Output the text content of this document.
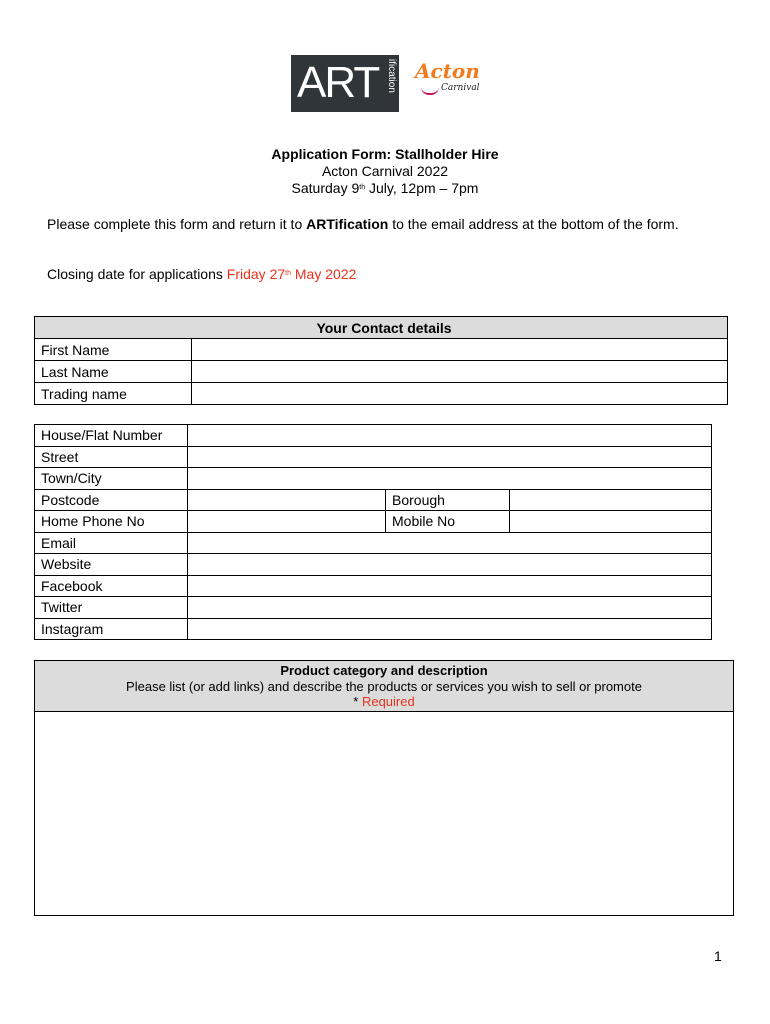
ART ification Acton
Carnival
Application Form: Stallholder Hire
Acton Carnival 2022
Saturday 9th July, 12pm – 7pm
Please complete this form and return it to ARTification to the email address at the bottom of the form.
Closing date for applications Friday 27th May 2022
Your Contact details	
First Name	
Last Name	
Trading name	
House/Flat Number			
Street			
Town/City			
Postcode		Borough	
Home Phone No		Mobile No	
Email			
Website			
Facebook			
Twitter			
Instagram			
Product category and description
Please list (or add links) and describe the products or services you wish to sell or promote
* Required

1
